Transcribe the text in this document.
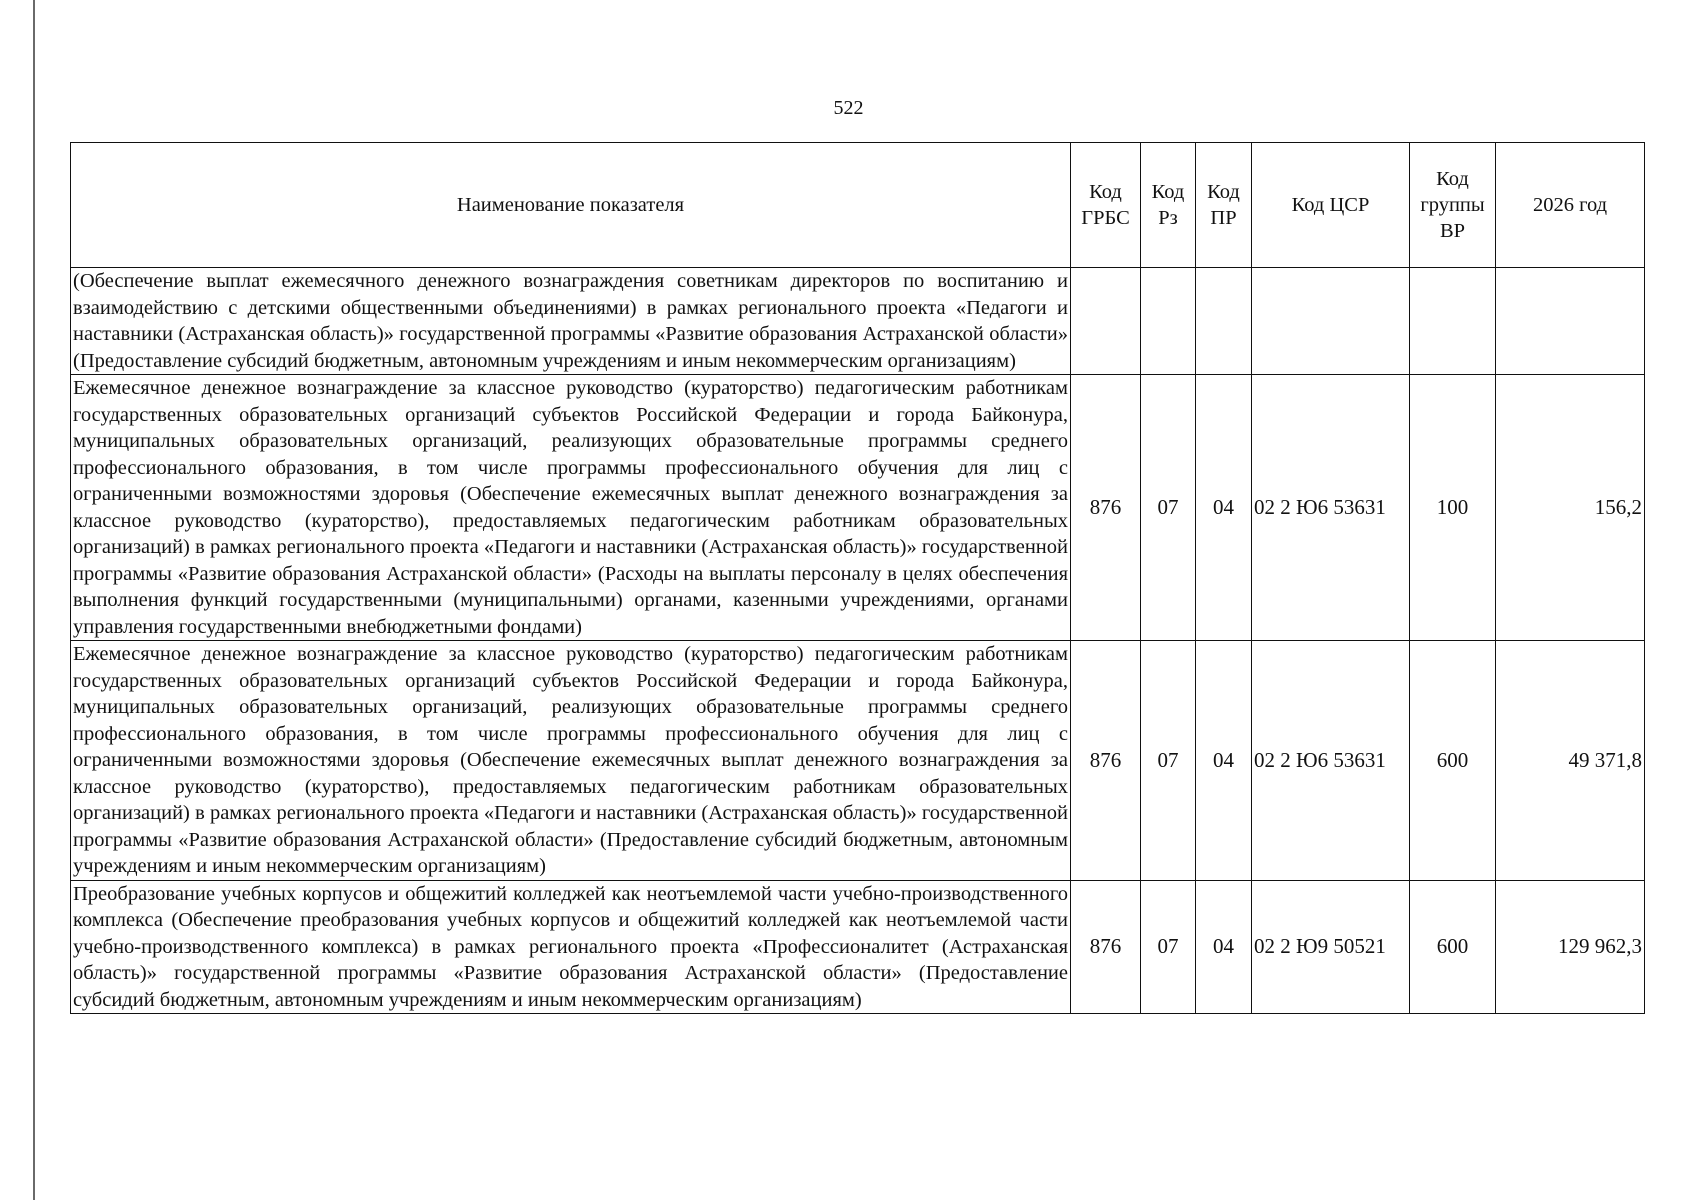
522
Наименование показателя	Код ГРБС	Код Рз	Код ПР	Код ЦСР	Код группы ВР	2026 год
(Обеспечение выплат ежемесячного денежного вознаграждения советникам директоров по воспитанию и взаимодействию с детскими общественными объединениями) в рамках регионального проекта «Педагоги и наставники (Астраханская область)» государственной программы «Развитие образования Астраханской области» (Предоставление субсидий бюджетным, автономным учреждениям и иным некоммерческим организациям)						
Ежемесячное денежное вознаграждение за классное руководство (кураторство) педагогическим работникам государственных образовательных организаций субъектов Российской Федерации и города Байконура, муниципальных образовательных организаций, реализующих образовательные программы среднего профессионального образования, в том числе программы профессионального обучения для лиц с ограниченными возможностями здоровья (Обеспечение ежемесячных выплат денежного вознаграждения за классное руководство (кураторство), предоставляемых педагогическим работникам образовательных организаций) в рамках регионального проекта «Педагоги и наставники (Астраханская область)» государственной программы «Развитие образования Астраханской области» (Расходы на выплаты персоналу в целях обеспечения выполнения функций государственными (муниципальными) органами, казенными учреждениями, органами управления государственными внебюджетными фондами)	876	07	04	02 2 Ю6 53631	100	156,2
Ежемесячное денежное вознаграждение за классное руководство (кураторство) педагогическим работникам государственных образовательных организаций субъектов Российской Федерации и города Байконура, муниципальных образовательных организаций, реализующих образовательные программы среднего профессионального образования, в том числе программы профессионального обучения для лиц с ограниченными возможностями здоровья (Обеспечение ежемесячных выплат денежного вознаграждения за классное руководство (кураторство), предоставляемых педагогическим работникам образовательных организаций) в рамках регионального проекта «Педагоги и наставники (Астраханская область)» государственной программы «Развитие образования Астраханской области» (Предоставление субсидий бюджетным, автономным учреждениям и иным некоммерческим организациям)	876	07	04	02 2 Ю6 53631	600	49 371,8
Преобразование учебных корпусов и общежитий колледжей как неотъемлемой части учебно-производственного комплекса (Обеспечение преобразования учебных корпусов и общежитий колледжей как неотъемлемой части учебно-производственного комплекса) в рамках регионального проекта «Профессионалитет (Астраханская область)» государственной программы «Развитие образования Астраханской области» (Предоставление субсидий бюджетным, автономным учреждениям и иным некоммерческим организациям)	876	07	04	02 2 Ю9 50521	600	129 962,3
